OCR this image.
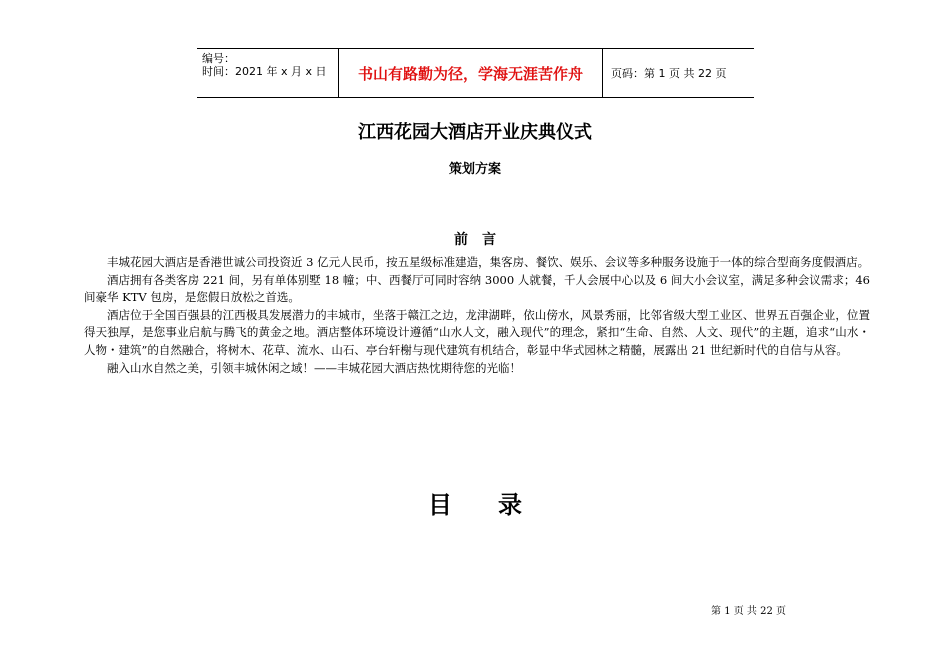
编号：
时间：2021 年 x 月 x 日	书山有路勤为径，学海无涯苦作舟	页码：第 1 页 共 22 页
江西花园大酒店开业庆典仪式
策划方案
前言

丰城花园大酒店是香港世诚公司投资近 3 亿元人民币，按五星级标准建造，集客房、餐饮、娱乐、会议等多种服务设施于一体的综合型商务度假酒店。

酒店拥有各类客房 221 间，另有单体别墅 18 幢；中、西餐厅可同时容纳 3000 人就餐，千人会展中心以及 6 间大小会议室，满足多种会议需求；46 间豪华 KTV 包房，是您假日放松之首选。

酒店位于全国百强县的江西极具发展潜力的丰城市，坐落于赣江之边，龙津湖畔，依山傍水，风景秀丽，比邻省级大型工业区、世界五百强企业，位置得天独厚，是您事业启航与腾飞的黄金之地。酒店整体环境设计遵循“山水人文，融入现代”的理念，紧扣“生命、自然、人文、现代”的主题，追求“山水・人物・建筑”的自然融合，将树木、花草、流水、山石、亭台轩榭与现代建筑有机结合，彰显中华式园林之精髓，展露出 21 世纪新时代的自信与从容。

融入山水自然之美，引领丰城休闲之域！——丰城花园大酒店热忱期待您的光临！

目 录
第 1 页 共 22 页
